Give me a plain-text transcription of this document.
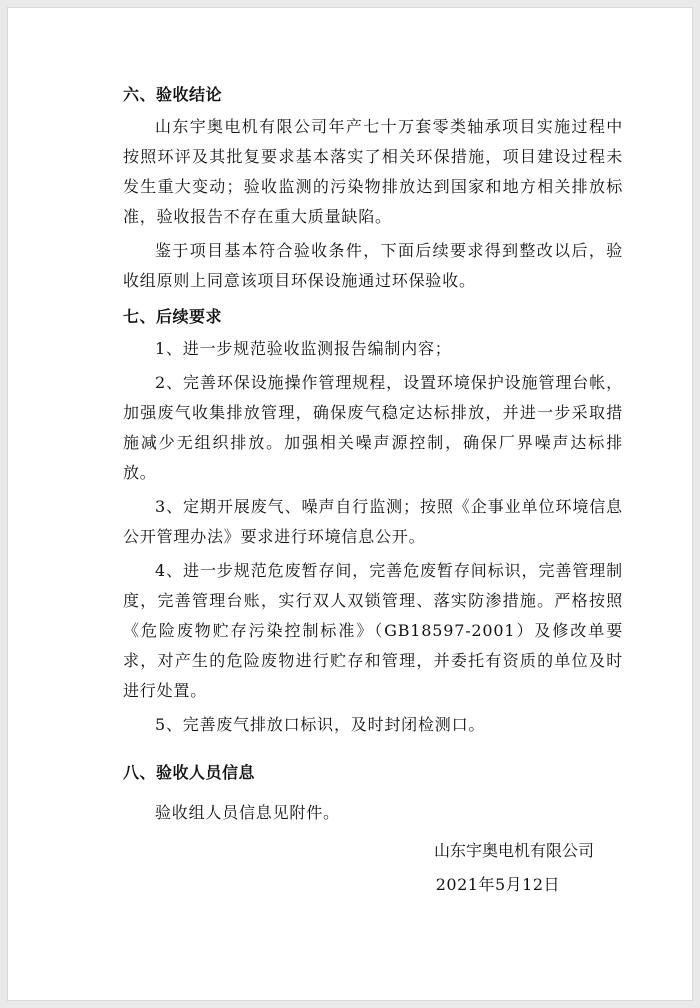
六、验收结论

山东宇奥电机有限公司年产七十万套零类轴承项目实施过程中按照环评及其批复要求基本落实了相关环保措施，项目建设过程未发生重大变动；验收监测的污染物排放达到国家和地方相关排放标准，验收报告不存在重大质量缺陷。

鉴于项目基本符合验收条件，下面后续要求得到整改以后，验收组原则上同意该项目环保设施通过环保验收。

七、后续要求

1、进一步规范验收监测报告编制内容；

2、完善环保设施操作管理规程，设置环境保护设施管理台帐，加强废气收集排放管理，确保废气稳定达标排放，并进一步采取措施减少无组织排放。加强相关噪声源控制，确保厂界噪声达标排放。

3、定期开展废气、噪声自行监测；按照《企事业单位环境信息公开管理办法》要求进行环境信息公开。

4、进一步规范危废暂存间，完善危废暂存间标识，完善管理制度，完善管理台账，实行双人双锁管理、落实防渗措施。严格按照《危险废物贮存污染控制标准》（GB18597-2001）及修改单要求，对产生的危险废物进行贮存和管理，并委托有资质的单位及时进行处置。

5、完善废气排放口标识，及时封闭检测口。

八、验收人员信息

验收组人员信息见附件。

山东宇奥电机有限公司
2021年5月12日
